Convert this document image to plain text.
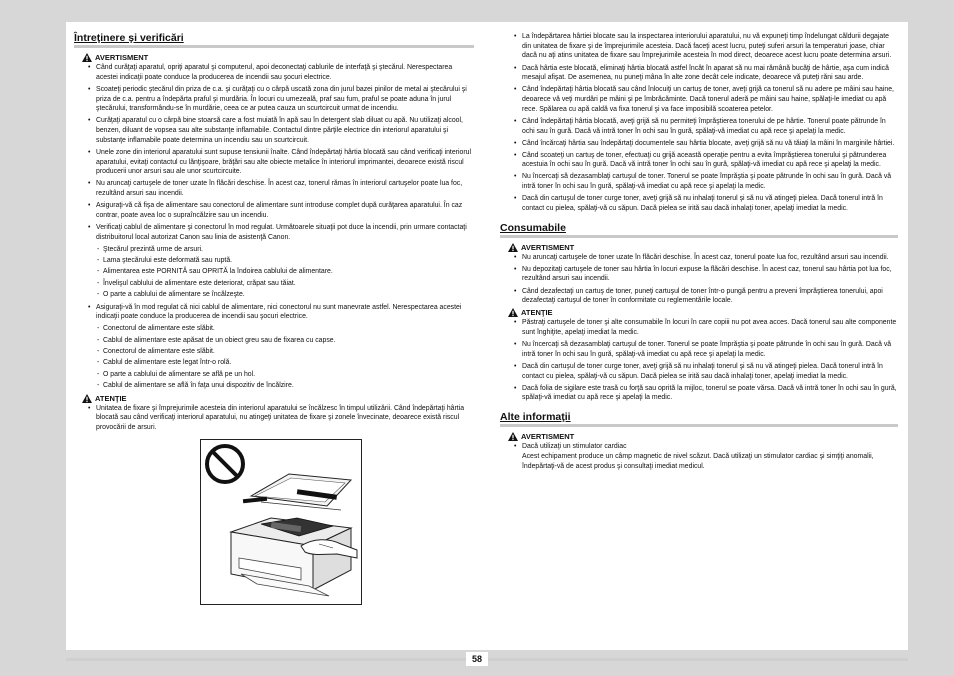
Întreţinere şi verificări
AVERTISMENT
• Când curăţaţi aparatul, opriţi aparatul şi computerul, apoi deconectaţi cablurile de interfaţă şi ştecărul. Nerespectarea acestei indicaţii poate conduce la producerea de incendii sau şocuri electrice.
• Scoateţi periodic ştecărul din priza de c.a. şi curăţaţi cu o cârpă uscată zona din jurul bazei pinilor de metal ai ştecărului şi priza de c.a. pentru a îndepărta praful şi murdăria. În locuri cu umezeală, praf sau fum, praful se poate aduna în jurul ştecărului, transformându-se în murdărie, ceea ce ar putea cauza un scurtcircuit urmat de incendiu.
• Curăţaţi aparatul cu o cârpă bine stoarsă care a fost muiată în apă sau în detergent slab diluat cu apă. Nu utilizaţi alcool, benzen, diluant de vopsea sau alte substanţe inflamabile. Contactul dintre părţile electrice din interiorul aparatului şi substanţe inflamabile poate determina un incendiu sau un scurtcircuit.
• Unele zone din interiorul aparatului sunt supuse tensiunii înalte. Când îndepărtaţi hârtia blocată sau când verificaţi interiorul aparatului, evitaţi contactul cu lănţişoare, brăţări sau alte obiecte metalice în interiorul imprimantei, deoarece există riscul producerii unor arsuri sau ale unor scurtcircuite.
• Nu aruncaţi cartuşele de toner uzate în flăcări deschise. În acest caz, tonerul rămas în interiorul cartuşelor poate lua foc, rezultând arsuri sau incendii.
• Asiguraţi-vă că fişa de alimentare sau conectorul de alimentare sunt introduse complet după curăţarea aparatului. În caz contrar, poate avea loc o supraîncălzire sau un incendiu.
• Verificaţi cablul de alimentare şi conectorul în mod regulat. Următoarele situaţii pot duce la incendii, prin urmare contactaţi distribuitorul local autorizat Canon sau linia de asistenţă Canon.
- Ştecărul prezintă urme de arsuri.
- Lama ştecărului este deformată sau ruptă.
- Alimentarea este PORNITĂ sau OPRITĂ la îndoirea cablului de alimentare.
- Învelişul cablului de alimentare este deteriorat, crăpat sau tăiat.
- O parte a cablului de alimentare se încălzeşte.
• Asiguraţi-vă în mod regulat că nici cablul de alimentare, nici conectorul nu sunt manevrate astfel. Nerespectarea acestei indicaţii poate conduce la producerea de incendii sau şocuri electrice.
- Conectorul de alimentare este slăbit.
- Cablul de alimentare este apăsat de un obiect greu sau de fixarea cu capse.
- Conectorul de alimentare este slăbit.
- Cablul de alimentare este legat într-o rolă.
- O parte a cablului de alimentare se află pe un hol.
- Cablul de alimentare se află în faţa unui dispozitiv de încălzire.
ATENŢIE
• Unitatea de fixare şi împrejurimile acesteia din interiorul aparatului se încălzesc în timpul utilizării. Când îndepărtaţi hârtia blocată sau când verificaţi interiorul aparatului, nu atingeţi unitatea de fixare şi zonele învecinate, deoarece există riscul provocării de arsuri.
• La îndepărtarea hârtiei blocate sau la inspectarea interiorului aparatului, nu vă expuneţi timp îndelungat căldurii degajate din unitatea de fixare şi de împrejurimile acesteia. Dacă faceţi acest lucru, puteţi suferi arsuri la temperaturi joase, chiar dacă nu aţi atins unitatea de fixare sau împrejurimile acesteia în mod direct, deoarece acest lucru poate determina arsuri.
• Dacă hârtia este blocată, eliminaţi hârtia blocată astfel încât în aparat să nu mai rămână bucăţi de hârtie, aşa cum indică mesajul afişat. De asemenea, nu puneţi mâna în alte zone decât cele indicate, deoarece vă puteţi răni sau arde.
• Când îndepărtaţi hârtia blocată sau când înlocuiţi un cartuş de toner, aveţi grijă ca tonerul să nu adere pe mâini sau haine, deoarece vă veţi murdări pe mâini şi pe îmbrăcăminte. Dacă tonerul aderă pe mâini sau haine, spălaţi-le imediat cu apă rece. Spălarea cu apă caldă va fixa tonerul şi va face imposibilă scoaterea petelor.
• Când îndepărtaţi hârtia blocată, aveţi grijă să nu permiteţi împrăştierea tonerului de pe hârtie. Tonerul poate pătrunde în ochi sau în gură. Dacă vă intră toner în ochi sau în gură, spălaţi-vă imediat cu apă rece şi apelaţi la medic.
• Când încărcaţi hârtia sau îndepărtaţi documentele sau hârtia blocate, aveţi grijă să nu vă tăiaţi la mâini în marginile hârtiei.
• Când scoateţi un cartuş de toner, efectuaţi cu grijă această operaţie pentru a evita împrăştierea tonerului şi pătrunderea acestuia în ochi sau în gură. Dacă vă intră toner în ochi sau în gură, spălaţi-vă imediat cu apă rece şi apelaţi la medic.
• Nu încercaţi să dezasamblaţi cartuşul de toner. Tonerul se poate împrăştia şi poate pătrunde în ochi sau în gură. Dacă vă intră toner în ochi sau în gură, spălaţi-vă imediat cu apă rece şi apelaţi la medic.
• Dacă din cartuşul de toner curge toner, aveţi grijă să nu inhalaţi tonerul şi să nu vă atingeţi pielea. Dacă tonerul intră în contact cu pielea, spălaţi-vă cu săpun. Dacă pielea se irită sau dacă inhalaţi toner, apelaţi imediat la medic.
Consumabile
AVERTISMENT
• Nu aruncaţi cartuşele de toner uzate în flăcări deschise. În acest caz, tonerul poate lua foc, rezultând arsuri sau incendii.
• Nu depozitaţi cartuşele de toner sau hârtia în locuri expuse la flăcări deschise. În acest caz, tonerul sau hârtia pot lua foc, rezultând arsuri sau incendii.
• Când dezafectaţi un cartuş de toner, puneţi cartuşul de toner într-o pungă pentru a preveni împrăştierea tonerului, apoi dezafectaţi cartuşul de toner în conformitate cu reglementările locale.
ATENŢIE
• Păstraţi cartuşele de toner şi alte consumabile în locuri în care copiii nu pot avea acces. Dacă tonerul sau alte componente sunt înghiţite, apelaţi imediat la medic.
• Nu încercaţi să dezasamblaţi cartuşul de toner. Tonerul se poate împrăştia şi poate pătrunde în ochi sau în gură. Dacă vă intră toner în ochi sau în gură, spălaţi-vă imediat cu apă rece şi apelaţi la medic.
• Dacă din cartuşul de toner curge toner, aveţi grijă să nu inhalaţi tonerul şi să nu vă atingeţi pielea. Dacă tonerul intră în contact cu pielea, spălaţi-vă cu săpun. Dacă pielea se irită sau dacă inhalaţi toner, apelaţi imediat la medic.
• Dacă folia de sigilare este trasă cu forţă sau oprită la mijloc, tonerul se poate vărsa. Dacă vă intră toner în ochi sau în gură, spălaţi-vă imediat cu apă rece şi apelaţi la medic.
Alte informaţii
AVERTISMENT
• Dacă utilizaţi un stimulator cardiac
Acest echipament produce un câmp magnetic de nivel scăzut. Dacă utilizaţi un stimulator cardiac şi simţiţi anomalii, îndepărtaţi-vă de acest produs şi consultaţi imediat medicul.
58
